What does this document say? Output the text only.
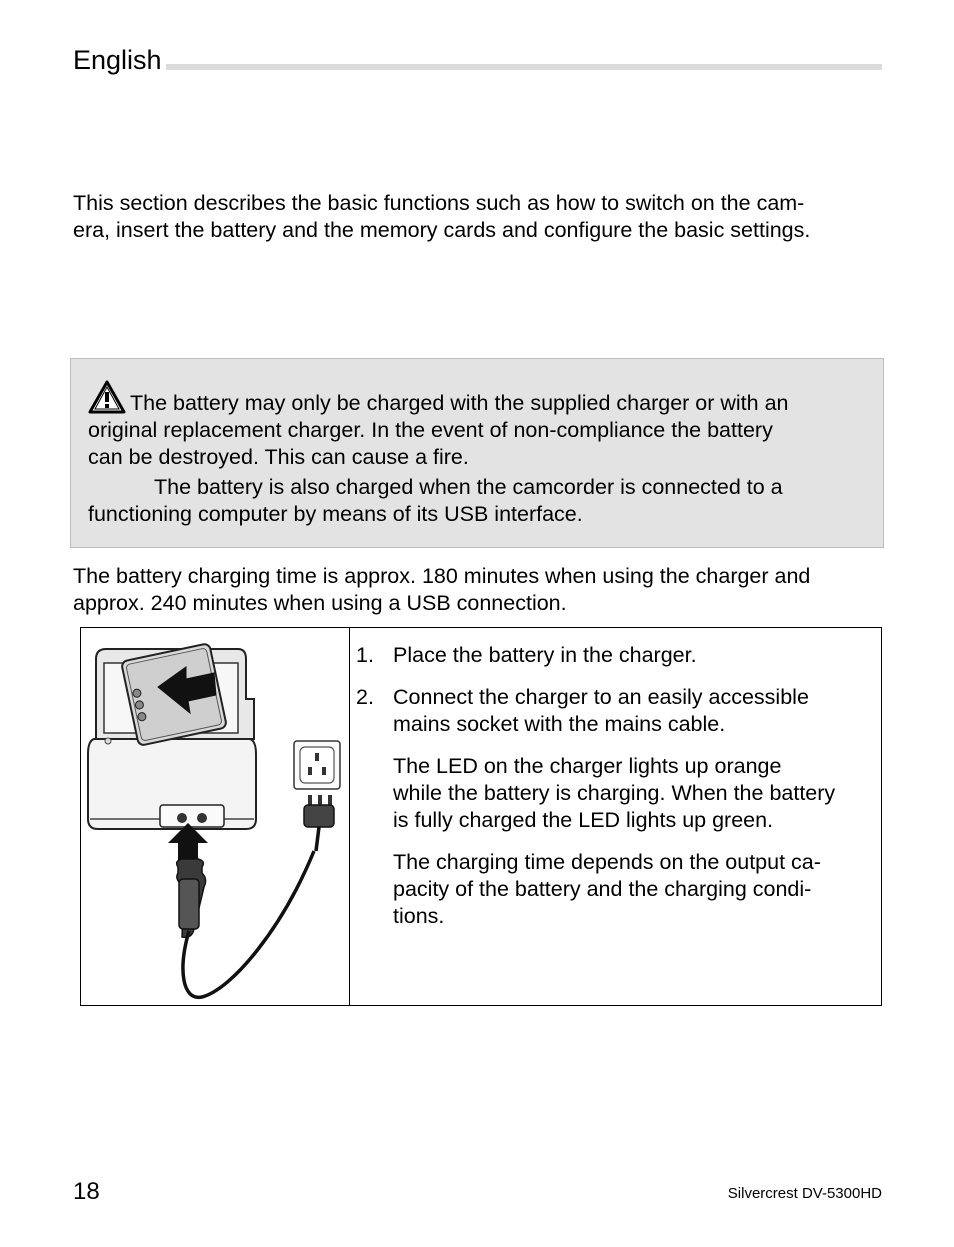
English
This section describes the basic functions such as how to switch on the cam-
era, insert the battery and the memory cards and configure the basic settings.
The battery may only be charged with the supplied charger or with an
original replacement charger. In the event of non-compliance the battery
can be destroyed. This can cause a fire.
The battery is also charged when the camcorder is connected to a
functioning computer by means of its USB interface.
The battery charging time is approx. 180 minutes when using the charger and
approx. 240 minutes when using a USB connection.
1. Place the battery in the charger.
2. Connect the charger to an easily accessible
mains socket with the mains cable.
The LED on the charger lights up orange
while the battery is charging. When the battery
is fully charged the LED lights up green.
The charging time depends on the output ca-
pacity of the battery and the charging condi-
tions.
18	Silvercrest DV-5300HD
